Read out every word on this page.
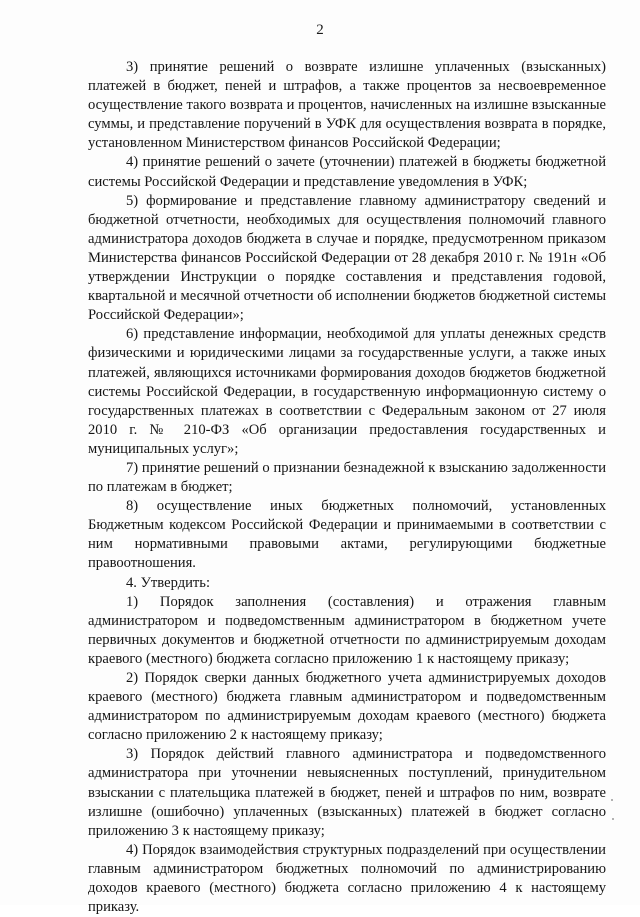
2

3) принятие решений о возврате излишне уплаченных (взысканных) платежей в бюджет, пеней и штрафов, а также процентов за несвоевременное осуществление такого возврата и процентов, начисленных на излишне взысканные суммы, и представление поручений в УФК для осуществления возврата в порядке, установленном Министерством финансов Российской Федерации;

4) принятие решений о зачете (уточнении) платежей в бюджеты бюджетной системы Российской Федерации и представление уведомления в УФК;

5) формирование и представление главному администратору сведений и бюджетной отчетности, необходимых для осуществления полномочий главного администратора доходов бюджета в случае и порядке, предусмотренном приказом Министерства финансов Российской Федерации от 28 декабря 2010 г. № 191н «Об утверждении Инструкции о порядке составления и представления годовой, квартальной и месячной отчетности об исполнении бюджетов бюджетной системы Российской Федерации»;

6) представление информации, необходимой для уплаты денежных средств физическими и юридическими лицами за государственные услуги, а также иных платежей, являющихся источниками формирования доходов бюджетов бюджетной системы Российской Федерации, в государственную информационную систему о государственных платежах в соответствии с Федеральным законом от 27 июля 2010 г. № 210-ФЗ «Об организации предоставления государственных и муниципальных услуг»;

7) принятие решений о признании безнадежной к взысканию задолженности по платежам в бюджет;

8) осуществление иных бюджетных полномочий, установленных Бюджетным кодексом Российской Федерации и принимаемыми в соответствии с ним нормативными правовыми актами, регулирующими бюджетные правоотношения.

4. Утвердить:

1) Порядок заполнения (составления) и отражения главным администратором и подведомственным администратором в бюджетном учете первичных документов и бюджетной отчетности по администрируемым доходам краевого (местного) бюджета согласно приложению 1 к настоящему приказу;

2) Порядок сверки данных бюджетного учета администрируемых доходов краевого (местного) бюджета главным администратором и подведомственным администратором по администрируемым доходам краевого (местного) бюджета согласно приложению 2 к настоящему приказу;

3) Порядок действий главного администратора и подведомственного администратора при уточнении невыясненных поступлений, принудительном взыскании с плательщика платежей в бюджет, пеней и штрафов по ним, возврате излишне (ошибочно) уплаченных (взысканных) платежей в бюджет согласно приложению 3 к настоящему приказу;

4) Порядок взаимодействия структурных подразделений при осуществлении главным администратором бюджетных полномочий по администрированию доходов краевого (местного) бюджета согласно приложению 4 к настоящему приказу.
